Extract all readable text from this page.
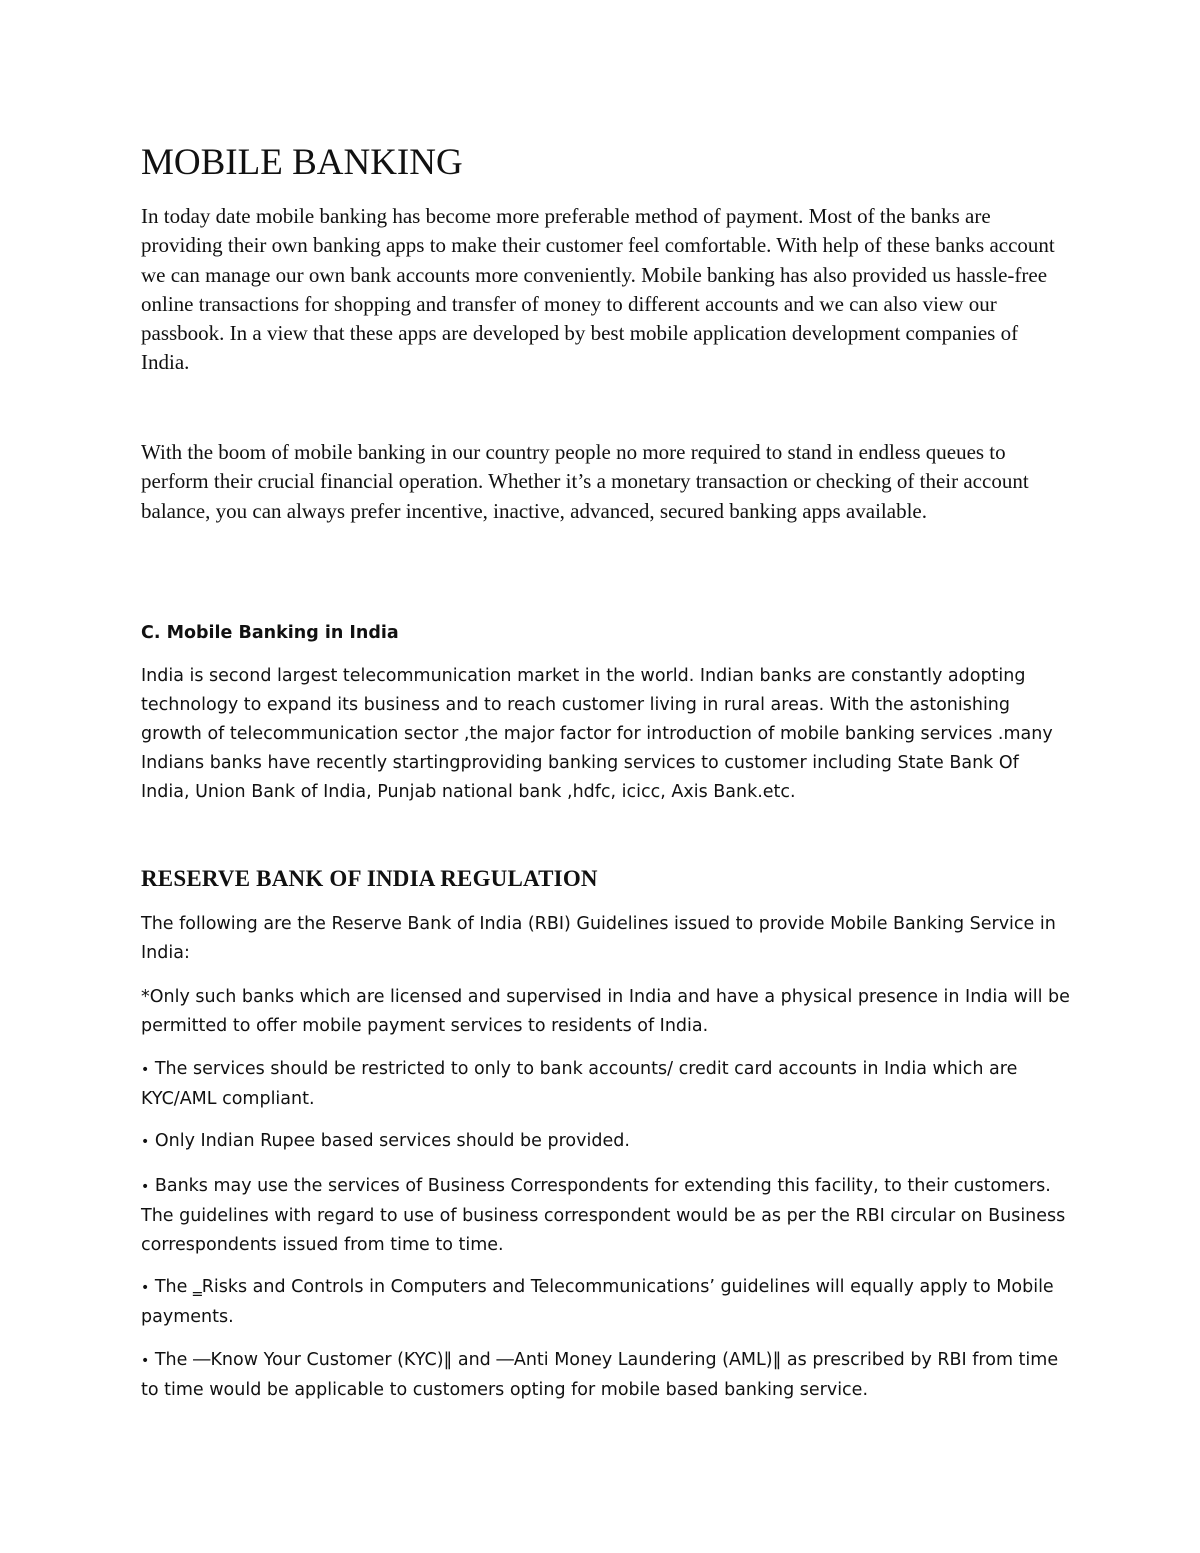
MOBILE BANKING

In today date mobile banking has become more preferable method of payment. Most of the banks are providing their own banking apps to make their customer feel comfortable. With help of these banks account we can manage our own bank accounts more conveniently. Mobile banking has also provided us hassle-free online transactions for shopping and transfer of money to different accounts and we can also view our passbook. In a view that these apps are developed by best mobile application development companies of India.

With the boom of mobile banking in our country people no more required to stand in endless queues to perform their crucial financial operation. Whether it’s a monetary transaction or checking of their account balance, you can always prefer incentive, inactive, advanced, secured banking apps available.

C. Mobile Banking in India

India is second largest telecommunication market in the world. Indian banks are constantly adopting technology to expand its business and to reach customer living in rural areas. With the astonishing growth of telecommunication sector ,the major factor for introduction of mobile banking services .many Indians banks have recently startingproviding banking services to customer including State Bank Of India, Union Bank of India, Punjab national bank ,hdfc, icicc, Axis Bank.etc.

RESERVE BANK OF INDIA REGULATION

The following are the Reserve Bank of India (RBI) Guidelines issued to provide Mobile Banking Service in India:

*Only such banks which are licensed and supervised in India and have a physical presence in India will be permitted to offer mobile payment services to residents of India.

• The services should be restricted to only to bank accounts/ credit card accounts in India which are KYC/AML compliant.

• Only Indian Rupee based services should be provided.

• Banks may use the services of Business Correspondents for extending this facility, to their customers. The guidelines with regard to use of business correspondent would be as per the RBI circular on Business correspondents issued from time to time.

• The ‗Risks and Controls in Computers and Telecommunications’ guidelines will equally apply to Mobile payments.

• The ―Know Your Customer (KYC)‖ and ―Anti Money Laundering (AML)‖ as prescribed by RBI from time to time would be applicable to customers opting for mobile based banking service.
